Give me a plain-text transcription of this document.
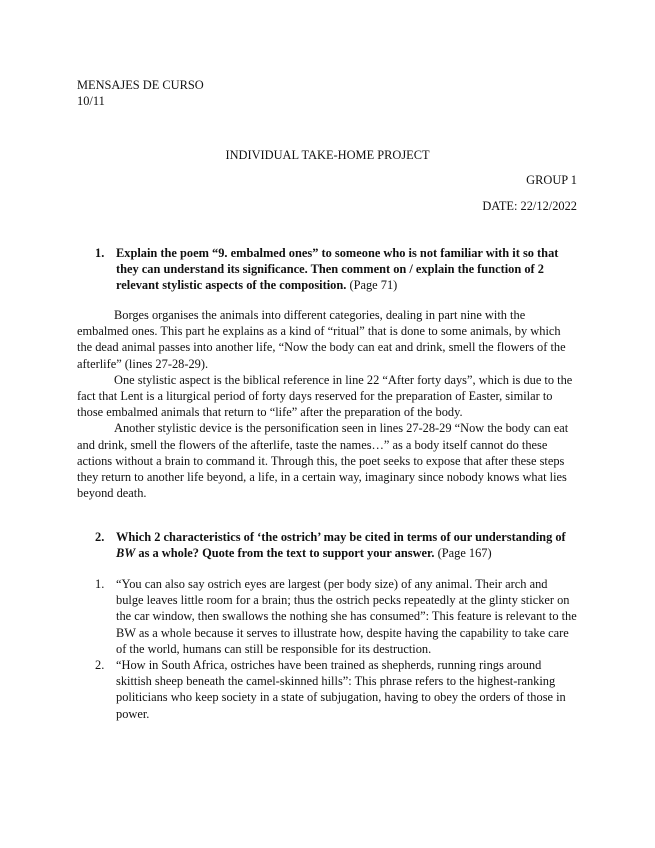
MENSAJES DE CURSO
10/11
INDIVIDUAL TAKE-HOME PROJECT
GROUP 1
DATE: 22/12/2022
1. Explain the poem “9. embalmed ones” to someone who is not familiar with it so that they can understand its significance. Then comment on / explain the function of 2 relevant stylistic aspects of the composition. (Page 71)

Borges organises the animals into different categories, dealing in part nine with the embalmed ones. This part he explains as a kind of “ritual” that is done to some animals, by which the dead animal passes into another life, “Now the body can eat and drink, smell the flowers of the afterlife” (lines 27-28-29).

One stylistic aspect is the biblical reference in line 22 “After forty days”, which is due to the fact that Lent is a liturgical period of forty days reserved for the preparation of Easter, similar to those embalmed animals that return to “life” after the preparation of the body.

Another stylistic device is the personification seen in lines 27-28-29 “Now the body can eat and drink, smell the flowers of the afterlife, taste the names…” as a body itself cannot do these actions without a brain to command it. Through this, the poet seeks to expose that after these steps they return to another life beyond, a life, in a certain way, imaginary since nobody knows what lies beyond death.

2. Which 2 characteristics of ‘the ostrich’ may be cited in terms of our understanding of BW as a whole? Quote from the text to support your answer. (Page 167)
1. “You can also say ostrich eyes are largest (per body size) of any animal. Their arch and bulge leaves little room for a brain; thus the ostrich pecks repeatedly at the glinty sticker on the car window, then swallows the nothing she has consumed”: This feature is relevant to the BW as a whole because it serves to illustrate how, despite having the capability to take care of the world, humans can still be responsible for its destruction.
2. “How in South Africa, ostriches have been trained as shepherds, running rings around skittish sheep beneath the camel-skinned hills”: This phrase refers to the highest-ranking politicians who keep society in a state of subjugation, having to obey the orders of those in power.
